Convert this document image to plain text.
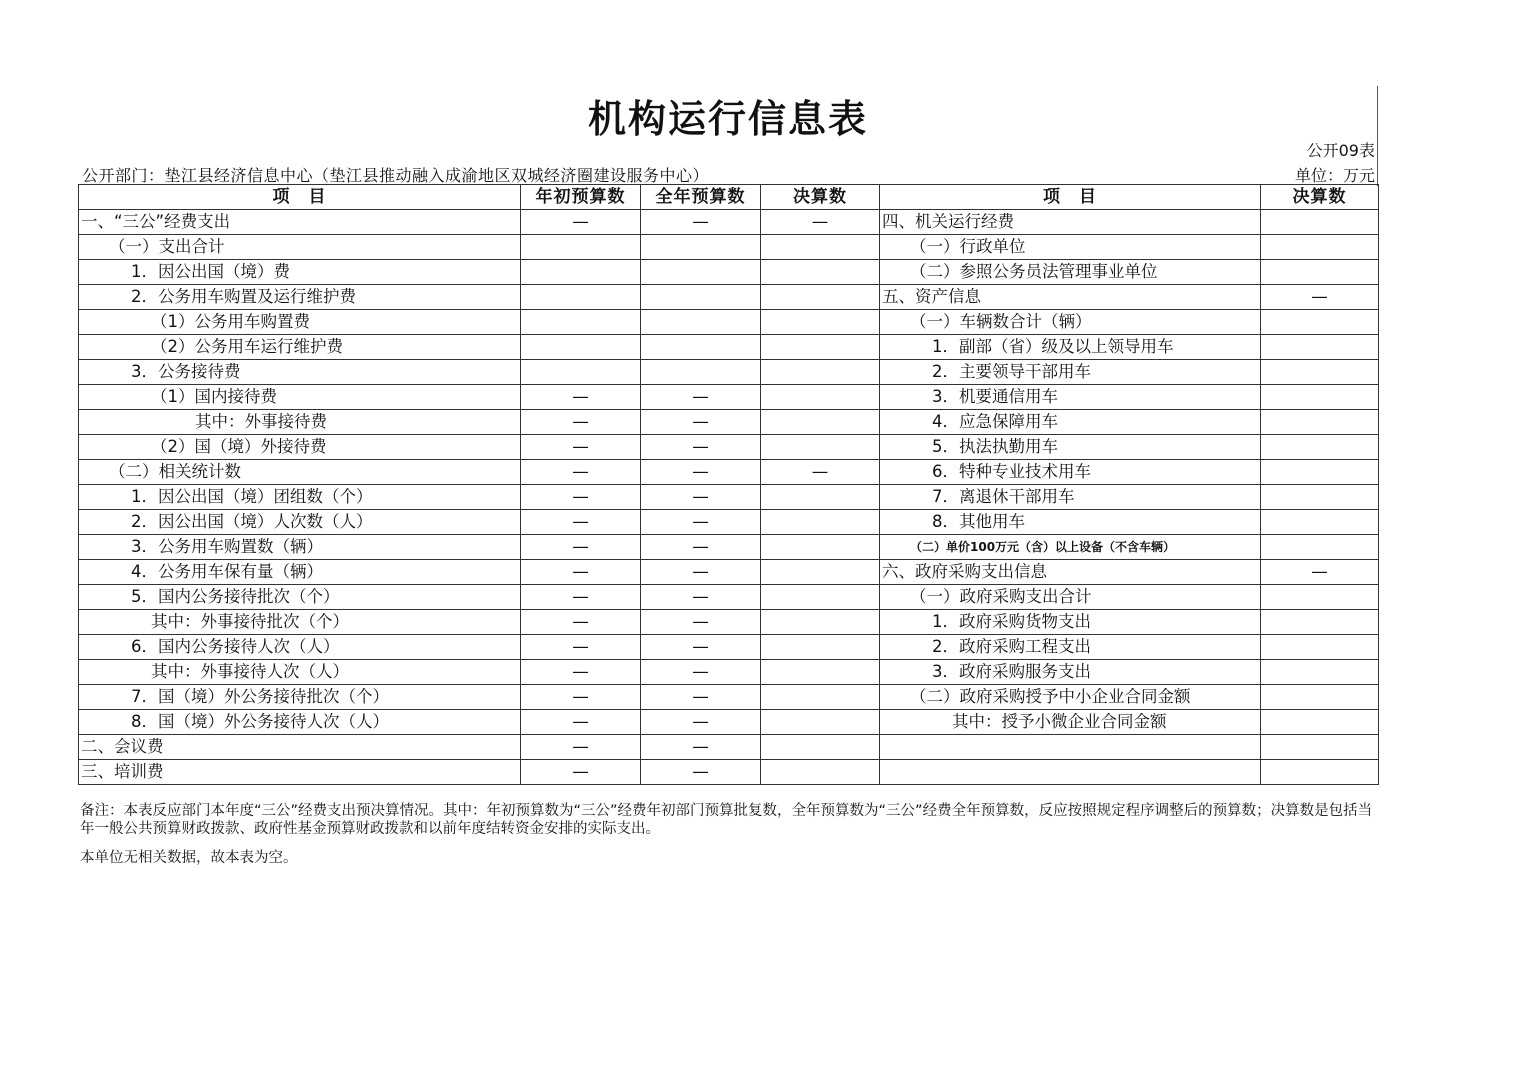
机构运行信息表
公开09表
单位：万元
公开部门：垫江县经济信息中心（垫江县推动融入成渝地区双城经济圈建设服务中心）
项　目	年初预算数	全年预算数	决算数	项　目	决算数
一、“三公”经费支出	—	—	—	四、机关运行经费	
（一）支出合计				（一）行政单位	
1．因公出国（境）费				（二）参照公务员法管理事业单位	
2．公务用车购置及运行维护费				五、资产信息	—
（1）公务用车购置费				（一）车辆数合计（辆）	
（2）公务用车运行维护费				1．副部（省）级及以上领导用车	
3．公务接待费				2．主要领导干部用车	
（1）国内接待费	—	—		3．机要通信用车	
其中：外事接待费	—	—		4．应急保障用车	
（2）国（境）外接待费	—	—		5．执法执勤用车	
（二）相关统计数	—	—	—	6．特种专业技术用车	
1．因公出国（境）团组数（个）	—	—		7．离退休干部用车	
2．因公出国（境）人次数（人）	—	—		8．其他用车	
3．公务用车购置数（辆）	—	—		（二）单价100万元（含）以上设备（不含车辆）	
4．公务用车保有量（辆）	—	—		六、政府采购支出信息	—
5．国内公务接待批次（个）	—	—		（一）政府采购支出合计	
其中：外事接待批次（个）	—	—		1．政府采购货物支出	
6．国内公务接待人次（人）	—	—		2．政府采购工程支出	
其中：外事接待人次（人）	—	—		3．政府采购服务支出	
7．国（境）外公务接待批次（个）	—	—		（二）政府采购授予中小企业合同金额	
8．国（境）外公务接待人次（人）	—	—		其中：授予小微企业合同金额	
二、会议费	—	—			
三、培训费	—	—			
备注：本表反应部门本年度“三公”经费支出预决算情况。其中：年初预算数为“三公”经费年初部门预算批复数，全年预算数为“三公”经费全年预算数，反应按照规定程序调整后的预算数；决算数是包括当年一般公共预算财政拨款、政府性基金预算财政拨款和以前年度结转资金安排的实际支出。
本单位无相关数据，故本表为空。
